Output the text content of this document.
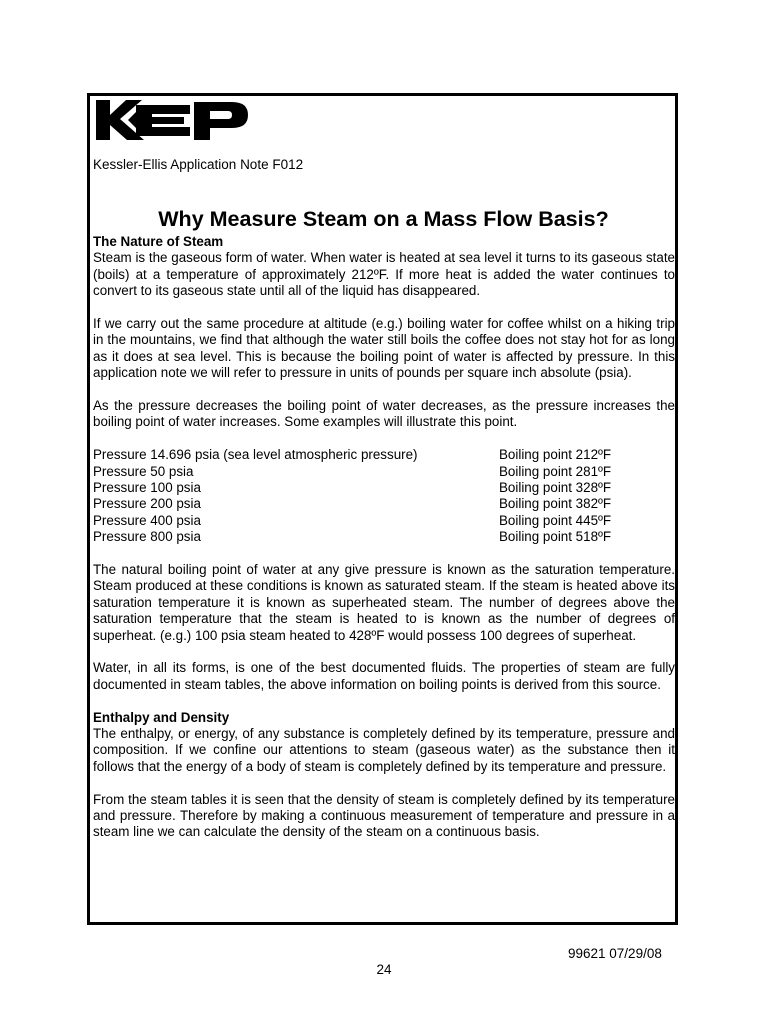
Kessler-Ellis Application Note F012
Why Measure Steam on a Mass Flow Basis?
The Nature of Steam

Steam is the gaseous form of water. When water is heated at sea level it turns to its gaseous state (boils) at a temperature of approximately 212ºF. If more heat is added the water continues to convert to its gaseous state until all of the liquid has disappeared.

If we carry out the same procedure at altitude (e.g.) boiling water for coffee whilst on a hiking trip in the mountains, we find that although the water still boils the coffee does not stay hot for as long as it does at sea level. This is because the boiling point of water is affected by pressure. In this application note we will refer to pressure in units of pounds per square inch absolute (psia).

As the pressure decreases the boiling point of water decreases, as the pressure increases the boiling point of water increases. Some examples will illustrate this point.

Pressure 14.696 psia (sea level atmospheric pressure)	Boiling point 212ºF
Pressure 50 psia	Boiling point 281ºF
Pressure 100 psia	Boiling point 328ºF
Pressure 200 psia	Boiling point 382ºF
Pressure 400 psia	Boiling point 445ºF
Pressure 800 psia	Boiling point 518ºF

The natural boiling point of water at any give pressure is known as the saturation temperature. Steam produced at these conditions is known as saturated steam. If the steam is heated above its saturation temperature it is known as superheated steam. The number of degrees above the saturation temperature that the steam is heated to is known as the number of degrees of superheat. (e.g.) 100 psia steam heated to 428ºF would possess 100 degrees of superheat.

Water, in all its forms, is one of the best documented fluids. The properties of steam are fully documented in steam tables, the above information on boiling points is derived from this source.

Enthalpy and Density

The enthalpy, or energy, of any substance is completely defined by its temperature, pressure and composition. If we confine our attentions to steam (gaseous water) as the substance then it follows that the energy of a body of steam is completely defined by its temperature and pressure.

From the steam tables it is seen that the density of steam is completely defined by its temperature and pressure. Therefore by making a continuous measurement of temperature and pressure in a steam line we can calculate the density of the steam on a continuous basis.

99621 07/29/08
24
